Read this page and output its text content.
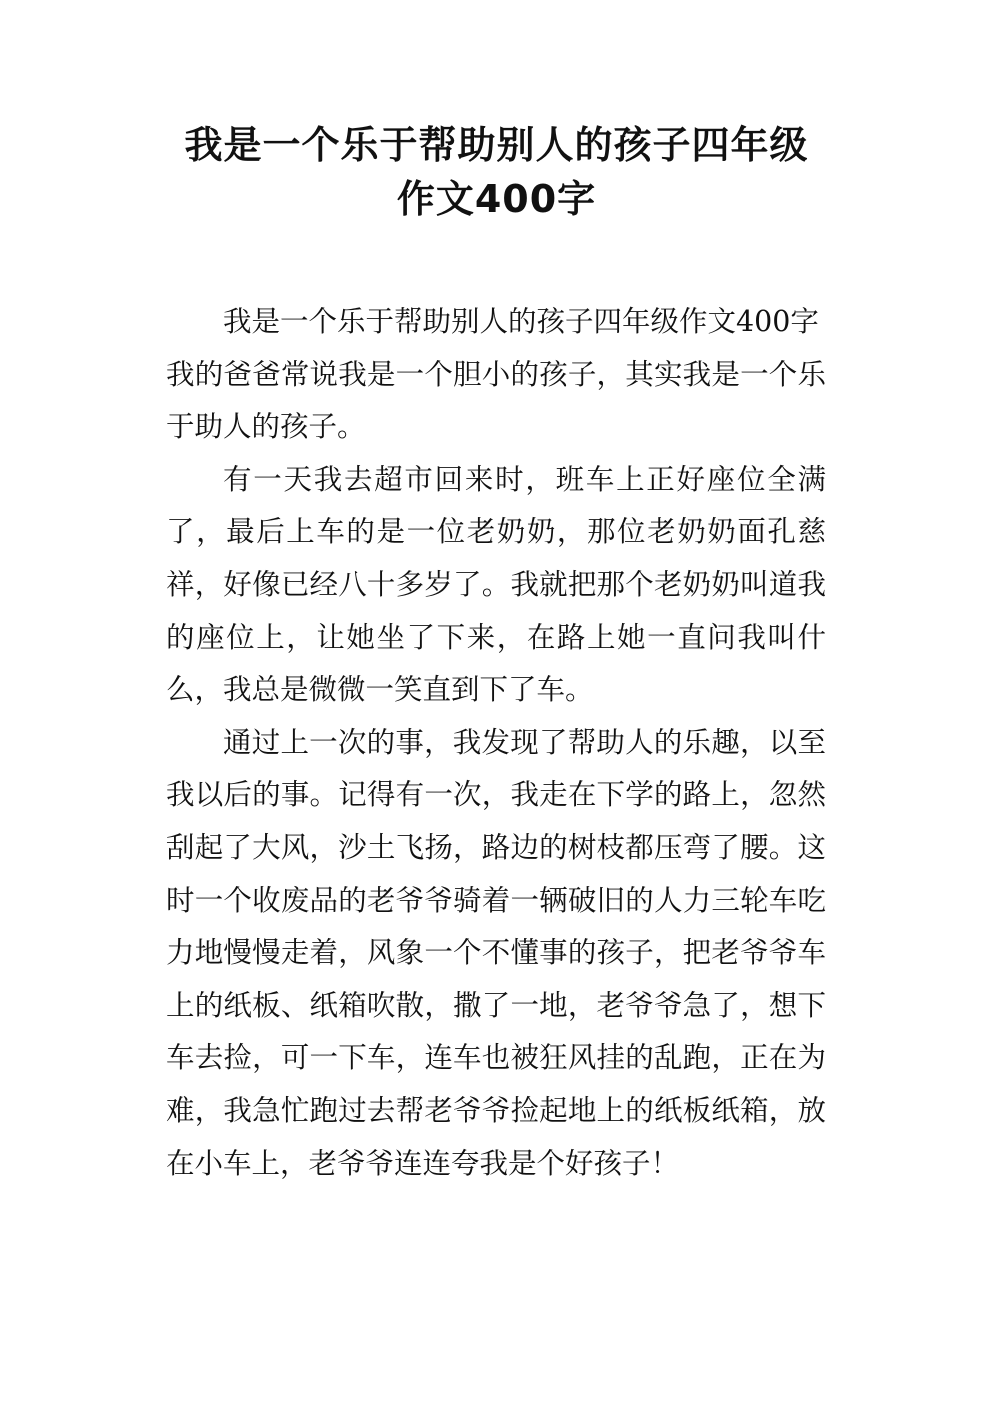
我是一个乐于帮助别人的孩子四年级
作文400字

我是一个乐于帮助别人的孩子四年级作文400字

我的爸爸常说我是一个胆小的孩子，其实我是一个乐于助人的孩子。

有一天我去超市回来时，班车上正好座位全满了，最后上车的是一位老奶奶，那位老奶奶面孔慈祥，好像已经八十多岁了。我就把那个老奶奶叫道我的座位上，让她坐了下来，在路上她一直问我叫什么，我总是微微一笑直到下了车。

通过上一次的事，我发现了帮助人的乐趣，以至我以后的事。记得有一次，我走在下学的路上，忽然刮起了大风，沙土飞扬，路边的树枝都压弯了腰。这时一个收废品的老爷爷骑着一辆破旧的人力三轮车吃力地慢慢走着，风象一个不懂事的孩子，把老爷爷车上的纸板、纸箱吹散，撒了一地，老爷爷急了，想下车去捡，可一下车，连车也被狂风挂的乱跑，正在为难，我急忙跑过去帮老爷爷捡起地上的纸板纸箱，放在小车上，老爷爷连连夸我是个好孩子！
